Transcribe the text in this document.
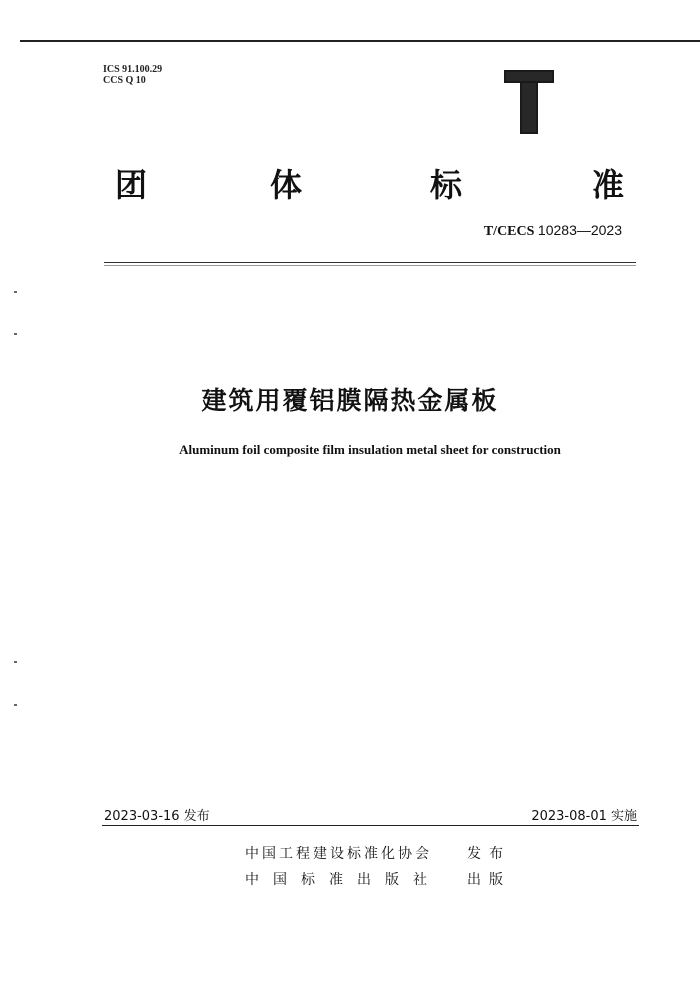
ICS 91.100.29
CCS Q 10
团	体	标	准
T/CECS 10283—2023
建筑用覆铝膜隔热金属板
Aluminum foil composite film insulation metal sheet for construction
2023-03-16 发布	2023-08-01 实施
中国工程建设标准化协会	发布
中国标准出版社 出版
